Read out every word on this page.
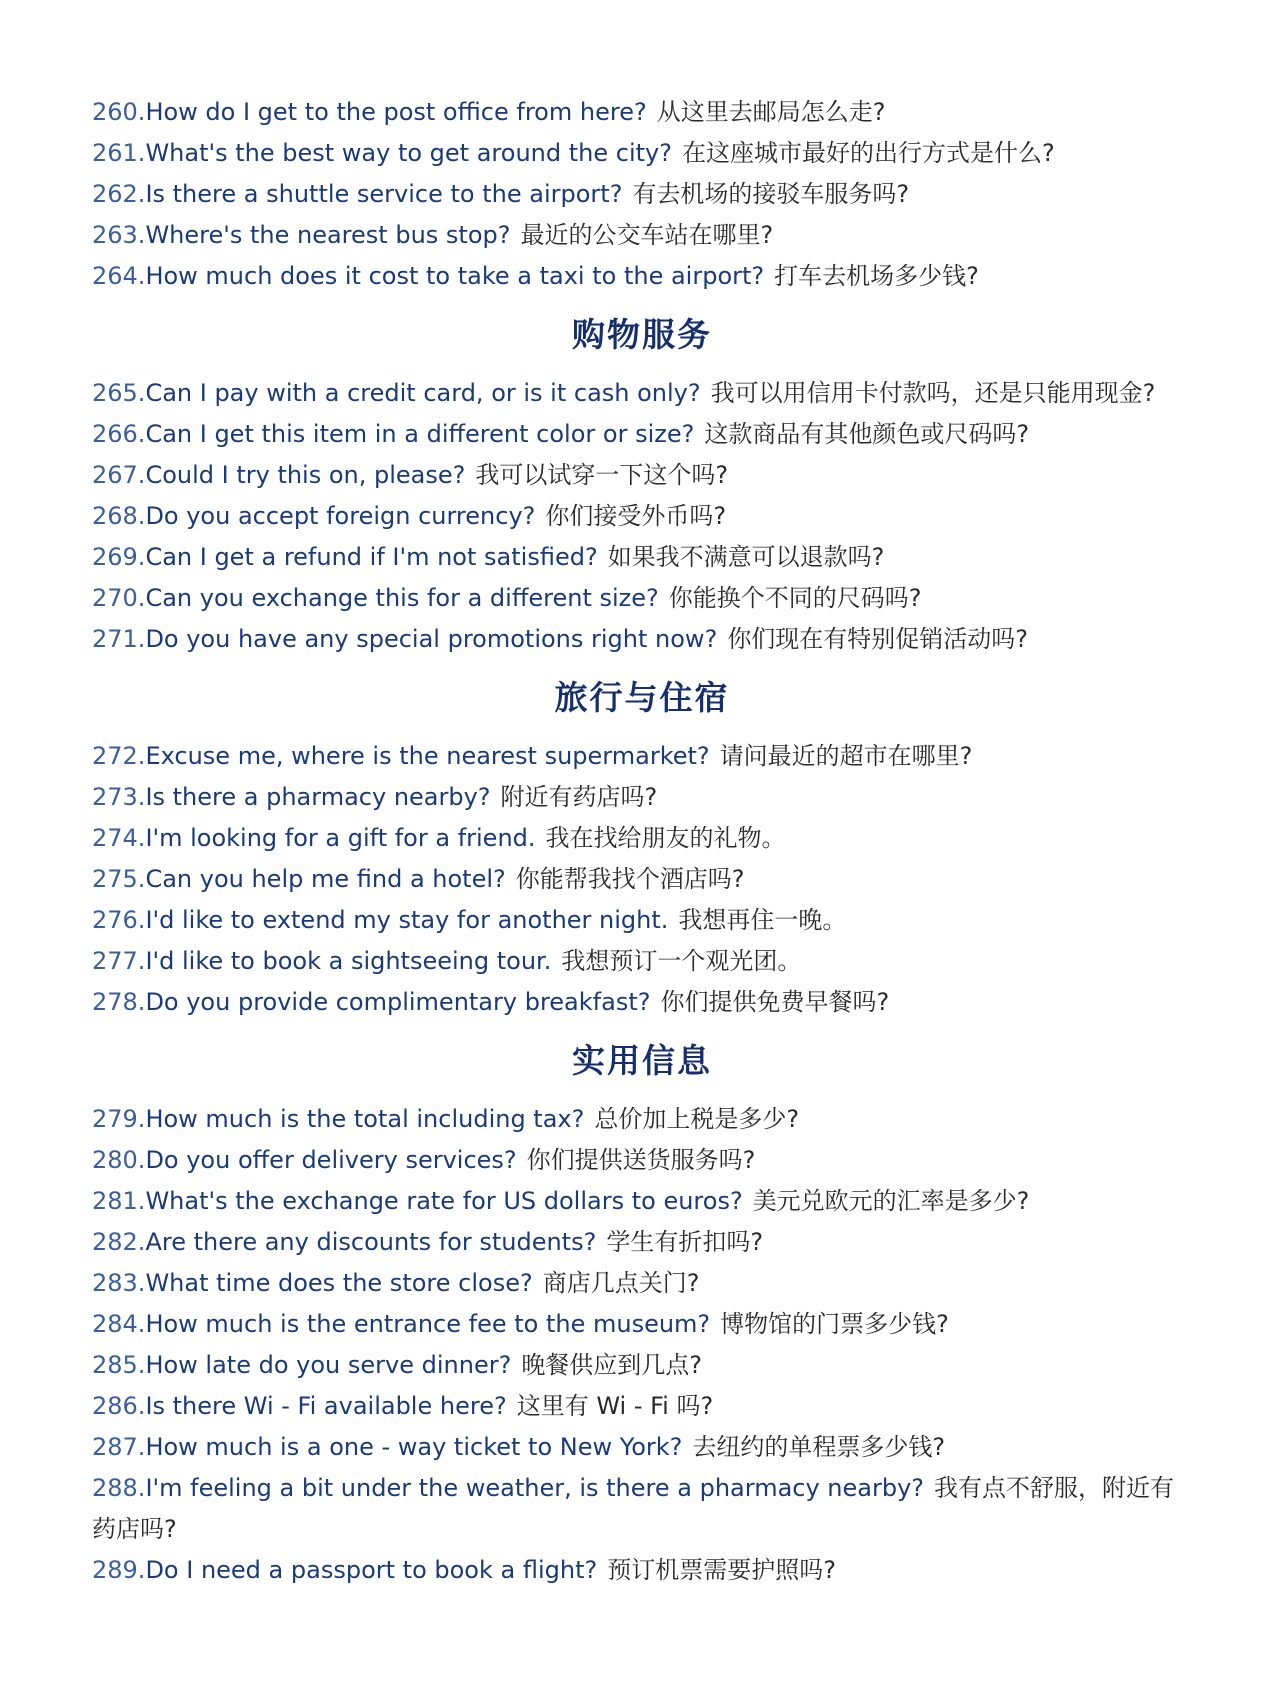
260.How do I get to the post office from here? 从这里去邮局怎么走?
261.What's the best way to get around the city? 在这座城市最好的出行方式是什么?
262.Is there a shuttle service to the airport? 有去机场的接驳车服务吗?
263.Where's the nearest bus stop? 最近的公交车站在哪里?
264.How much does it cost to take a taxi to the airport? 打车去机场多少钱?
购物服务
265.Can I pay with a credit card, or is it cash only? 我可以用信用卡付款吗，还是只能用现金?
266.Can I get this item in a different color or size? 这款商品有其他颜色或尺码吗?
267.Could I try this on, please? 我可以试穿一下这个吗?
268.Do you accept foreign currency? 你们接受外币吗?
269.Can I get a refund if I'm not satisfied? 如果我不满意可以退款吗?
270.Can you exchange this for a different size? 你能换个不同的尺码吗?
271.Do you have any special promotions right now? 你们现在有特别促销活动吗?
旅行与住宿
272.Excuse me, where is the nearest supermarket? 请问最近的超市在哪里?
273.Is there a pharmacy nearby? 附近有药店吗?
274.I'm looking for a gift for a friend. 我在找给朋友的礼物。
275.Can you help me find a hotel? 你能帮我找个酒店吗?
276.I'd like to extend my stay for another night. 我想再住一晚。
277.I'd like to book a sightseeing tour. 我想预订一个观光团。
278.Do you provide complimentary breakfast? 你们提供免费早餐吗?
实用信息
279.How much is the total including tax? 总价加上税是多少?
280.Do you offer delivery services? 你们提供送货服务吗?
281.What's the exchange rate for US dollars to euros? 美元兑欧元的汇率是多少?
282.Are there any discounts for students? 学生有折扣吗?
283.What time does the store close? 商店几点关门?
284.How much is the entrance fee to the museum? 博物馆的门票多少钱?
285.How late do you serve dinner? 晚餐供应到几点?
286.Is there Wi - Fi available here? 这里有 Wi - Fi 吗?
287.How much is a one - way ticket to New York? 去纽约的单程票多少钱?
288.I'm feeling a bit under the weather, is there a pharmacy nearby? 我有点不舒服，附近有药店吗?
289.Do I need a passport to book a flight? 预订机票需要护照吗?
